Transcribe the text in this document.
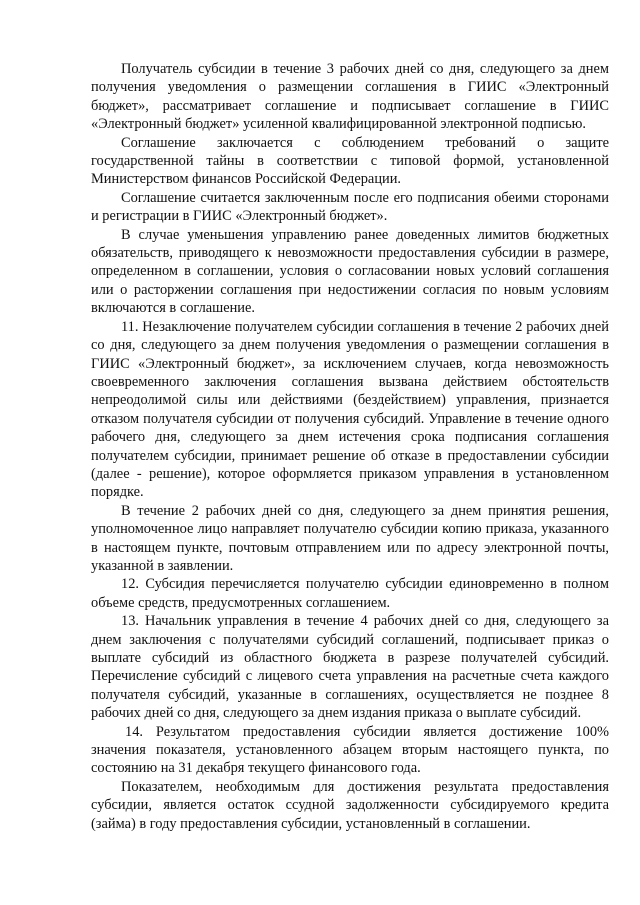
Получатель субсидии в течение 3 рабочих дней со дня, следующего за днем получения уведомления о размещении соглашения в ГИИС «Электронный бюджет», рассматривает соглашение и подписывает соглашение в ГИИС «Электронный бюджет» усиленной квалифицированной электронной подписью.

Соглашение заключается с соблюдением требований о защите государственной тайны в соответствии с типовой формой, установленной Министерством финансов Российской Федерации.

Соглашение считается заключенным после его подписания обеими сторонами и регистрации в ГИИС «Электронный бюджет».

В случае уменьшения управлению ранее доведенных лимитов бюджетных обязательств, приводящего к невозможности предоставления субсидии в размере, определенном в соглашении, условия о согласовании новых условий соглашения или о расторжении соглашения при недостижении согласия по новым условиям включаются в соглашение.

11. Незаключение получателем субсидии соглашения в течение 2 рабочих дней со дня, следующего за днем получения уведомления о размещении соглашения в ГИИС «Электронный бюджет», за исключением случаев, когда невозможность своевременного заключения соглашения вызвана действием обстоятельств непреодолимой силы или действиями (бездействием) управления, признается отказом получателя субсидии от получения субсидий. Управление в течение одного рабочего дня, следующего за днем истечения срока подписания соглашения получателем субсидии, принимает решение об отказе в предоставлении субсидии (далее - решение), которое оформляется приказом управления в установленном порядке.

В течение 2 рабочих дней со дня, следующего за днем принятия решения, уполномоченное лицо направляет получателю субсидии копию приказа, указанного в настоящем пункте, почтовым отправлением или по адресу электронной почты, указанной в заявлении.

12. Субсидия перечисляется получателю субсидии единовременно в полном объеме средств, предусмотренных соглашением.

13. Начальник управления в течение 4 рабочих дней со дня, следующего за днем заключения с получателями субсидий соглашений, подписывает приказ о выплате субсидий из областного бюджета в разрезе получателей субсидий. Перечисление субсидий с лицевого счета управления на расчетные счета каждого получателя субсидий, указанные в соглашениях, осуществляется не позднее 8 рабочих дней со дня, следующего за днем издания приказа о выплате субсидий.

14. Результатом предоставления субсидии является достижение 100% значения показателя, установленного абзацем вторым настоящего пункта, по состоянию на 31 декабря текущего финансового года.

Показателем, необходимым для достижения результата предоставления субсидии, является остаток ссудной задолженности субсидируемого кредита (займа) в году предоставления субсидии, установленный в соглашении.
